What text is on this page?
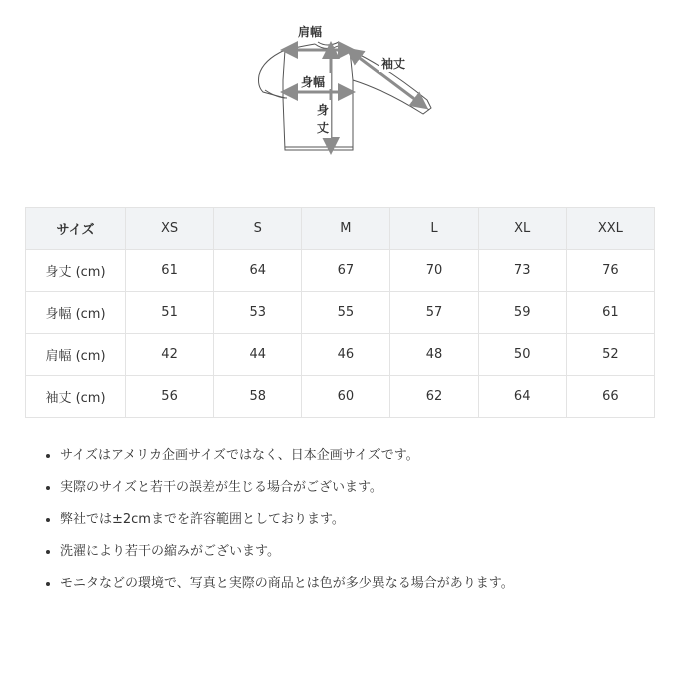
肩幅
袖丈
身幅
身
丈
サイズ	XS	S	M	L	XL	XXL
身丈 (cm)	61	64	67	70	73	76
身幅 (cm)	51	53	55	57	59	61
肩幅 (cm)	42	44	46	48	50	52
袖丈 (cm)	56	58	60	62	64	66
• サイズはアメリカ企画サイズではなく、日本企画サイズです。
• 実際のサイズと若干の誤差が生じる場合がございます。
• 弊社では±2cmまでを許容範囲としております。
• 洗濯により若干の縮みがございます。
• モニタなどの環境で、写真と実際の商品とは色が多少異なる場合があります。
